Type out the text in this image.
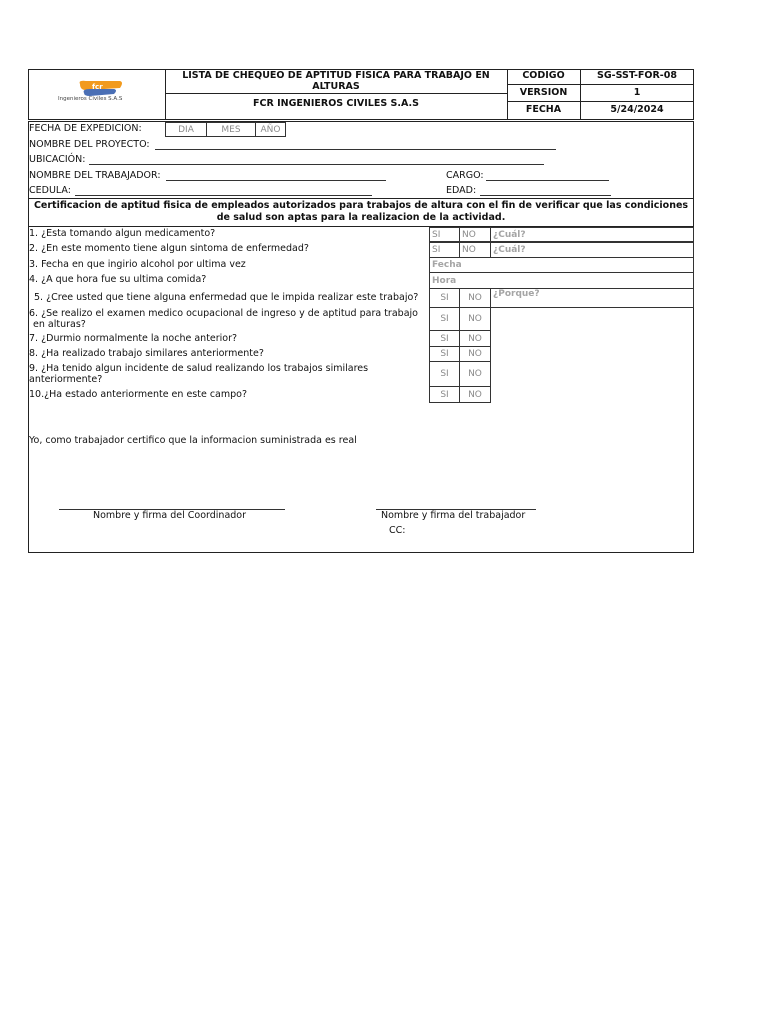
fcr
Ingenieros Civiles S.A.S
LISTA DE CHEQUEO DE APTITUD FISICA PARA TRABAJO EN ALTURAS
FCR INGENIEROS CIVILES S.A.S
CODIGO	SG-SST-FOR-08
VERSION	1
FECHA	5/24/2024
FECHA DE EXPEDICION:	DIA	MES	AÑO
NOMBRE DEL PROYECTO:
UBICACIÓN:
NOMBRE DEL TRABAJADOR:	CARGO:
CEDULA:	EDAD:
Certificacion de aptitud fisica de empleados autorizados para trabajos de altura con el fin de verificar que las condiciones de salud son aptas para la realizacion de la actividad.
1. ¿Esta tomando algun medicamento?	SI	NO	¿Cuál?
2. ¿En este momento tiene algun sintoma de enfermedad?	SI	NO	¿Cuál?
3. Fecha en que ingirio alcohol por ultima vez	Fecha
4. ¿A que hora fue su ultima comida?	Hora
5. ¿Cree usted que tiene alguna enfermedad que le impida realizar este trabajo?	SI	NO	¿Porque?
6. ¿Se realizo el examen medico ocupacional de ingreso y de aptitud para trabajo
en alturas?	SI	NO
7. ¿Durmio normalmente la noche anterior?	SI	NO
8. ¿Ha realizado trabajo similares anteriormente?	SI	NO
9. ¿Ha tenido algun incidente de salud realizando los trabajos similares
anteriormente?	SI	NO
10.¿Ha estado anteriormente en este campo?	SI	NO
Yo, como trabajador certifico que la informacion suministrada es real
Nombre y firma del Coordinador	Nombre y firma del trabajador
CC:
